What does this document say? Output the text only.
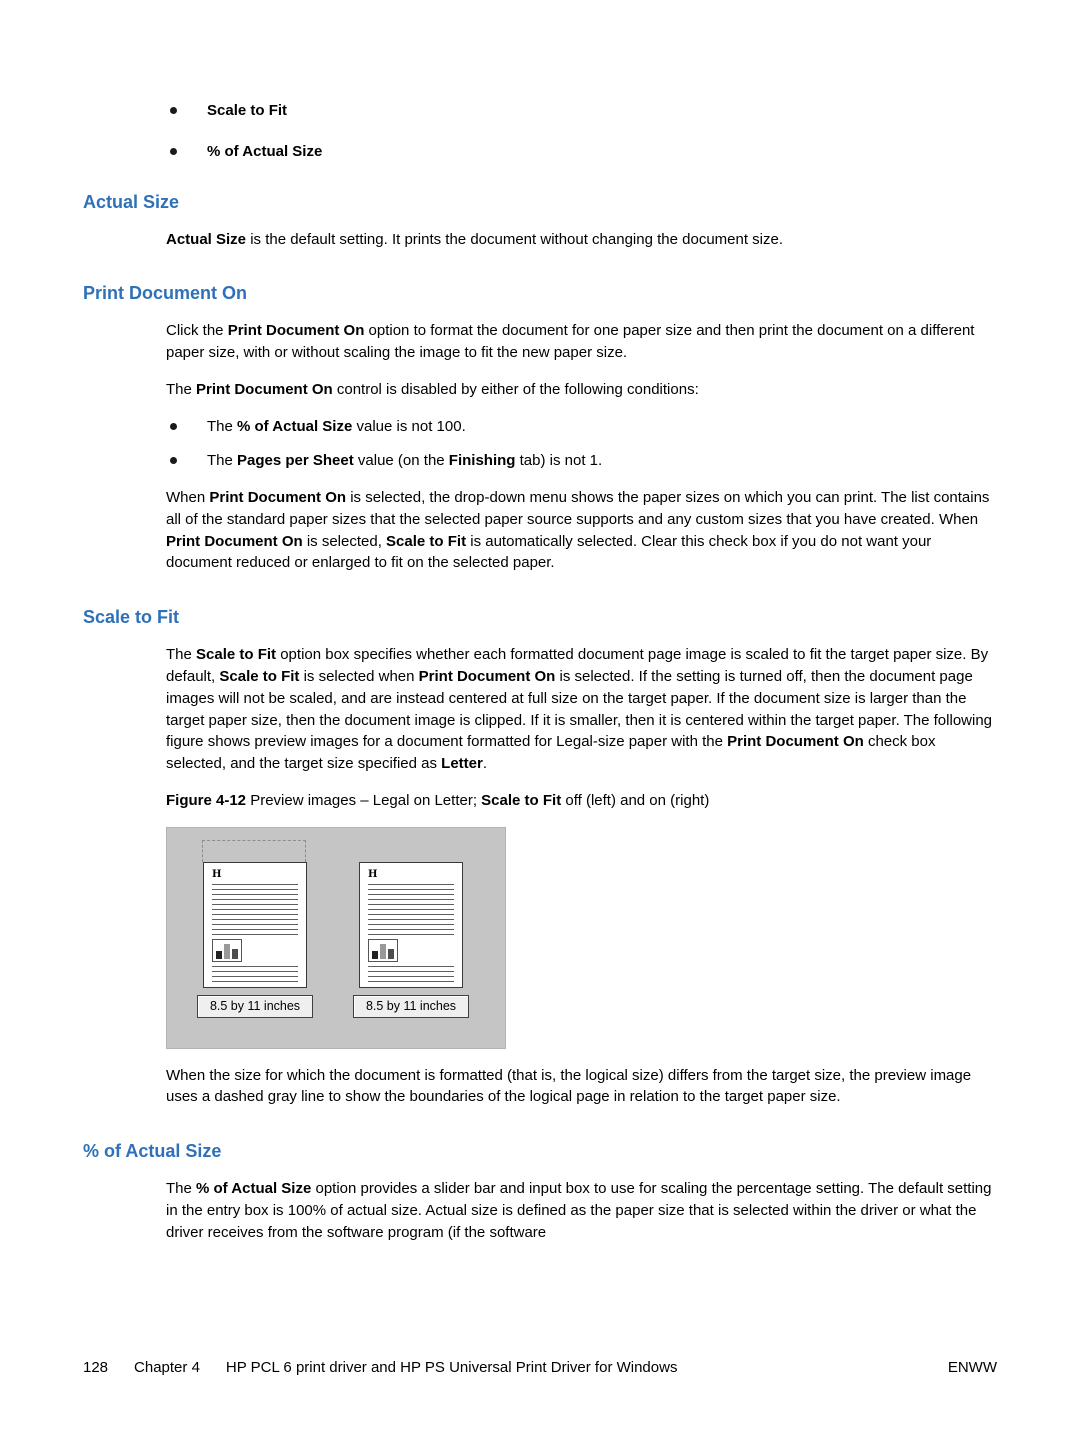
Scale to Fit
% of Actual Size
Actual Size

Actual Size is the default setting. It prints the document without changing the document size.

Print Document On

Click the Print Document On option to format the document for one paper size and then print the document on a different paper size, with or without scaling the image to fit the new paper size.

The Print Document On control is disabled by either of the following conditions:

The % of Actual Size value is not 100.
The Pages per Sheet value (on the Finishing tab) is not 1.

When Print Document On is selected, the drop-down menu shows the paper sizes on which you can print. The list contains all of the standard paper sizes that the selected paper source supports and any custom sizes that you have created. When Print Document On is selected, Scale to Fit is automatically selected. Clear this check box if you do not want your document reduced or enlarged to fit on the selected paper.

Scale to Fit

The Scale to Fit option box specifies whether each formatted document page image is scaled to fit the target paper size. By default, Scale to Fit is selected when Print Document On is selected. If the setting is turned off, then the document page images will not be scaled, and are instead centered at full size on the target paper. If the document size is larger than the target paper size, then the document image is clipped. If it is smaller, then it is centered within the target paper. The following figure shows preview images for a document formatted for Legal-size paper with the Print Document On check box selected, and the target size specified as Letter.

Figure 4-12 Preview images – Legal on Letter; Scale to Fit off (left) and on (right)

H
8.5 by 11 inches
H
8.5 by 11 inches

When the size for which the document is formatted (that is, the logical size) differs from the target size, the preview image uses a dashed gray line to show the boundaries of the logical page in relation to the target paper size.

% of Actual Size

The % of Actual Size option provides a slider bar and input box to use for scaling the percentage setting. The default setting in the entry box is 100% of actual size. Actual size is defined as the paper size that is selected within the driver or what the driver receives from the software program (if the software

128 Chapter 4 HP PCL 6 print driver and HP PS Universal Print Driver for Windows	ENWW
